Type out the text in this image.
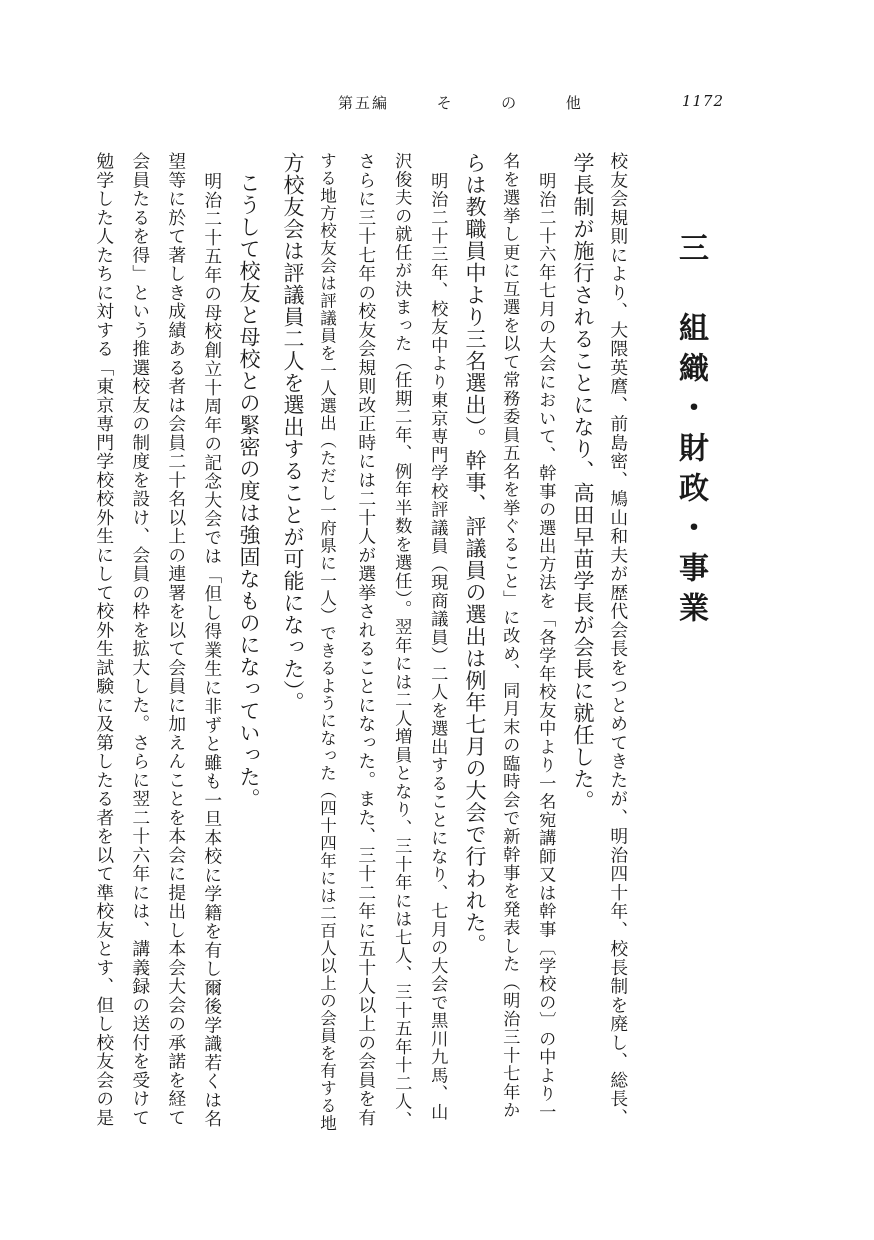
第五編	そ	の	他	1172
三　組織・財政・事業
校友会規則により、大隈英麿、前島密、鳩山和夫が歴代会長をつとめてきたが、明治四十年、校長制を廃し、総長、
学長制が施行されることになり、高田早苗学長が会長に就任した。
明治二十六年七月の大会において、幹事の選出方法を「各学年校友中より一名宛講師又は幹事〔学校の〕の中より一
名を選挙し更に互選を以て常務委員五名を挙ぐること」に改め、同月末の臨時会で新幹事を発表した（明治三十七年か
らは教職員中より三名選出）。幹事、評議員の選出は例年七月の大会で行われた。
明治二十三年、校友中より東京専門学校評議員（現商議員）二人を選出することになり、七月の大会で黒川九馬、山
沢俊夫の就任が決まった（任期二年、例年半数を選任）。翌年には二人増員となり、三十年には七人、三十五年十二人、
さらに三十七年の校友会規則改正時には二十人が選挙されることになった。また、三十二年に五十人以上の会員を有
する地方校友会は評議員を一人選出（ただし一府県に一人）できるようになった（四十四年には二百人以上の会員を有する地
方校友会は評議員二人を選出することが可能になった）。
こうして校友と母校との緊密の度は強固なものになっていった。
明治二十五年の母校創立十周年の記念大会では「但し得業生に非ずと雖も一旦本校に学籍を有し爾後学識若くは名
望等に於て著しき成績ある者は会員二十名以上の連署を以て会員に加えんことを本会に提出し本会大会の承諾を経て
会員たるを得」という推選校友の制度を設け、会員の枠を拡大した。さらに翌二十六年には、講義録の送付を受けて
勉学した人たちに対する「東京専門学校校外生にして校外生試験に及第したる者を以て準校友とす、但し校友会の是
